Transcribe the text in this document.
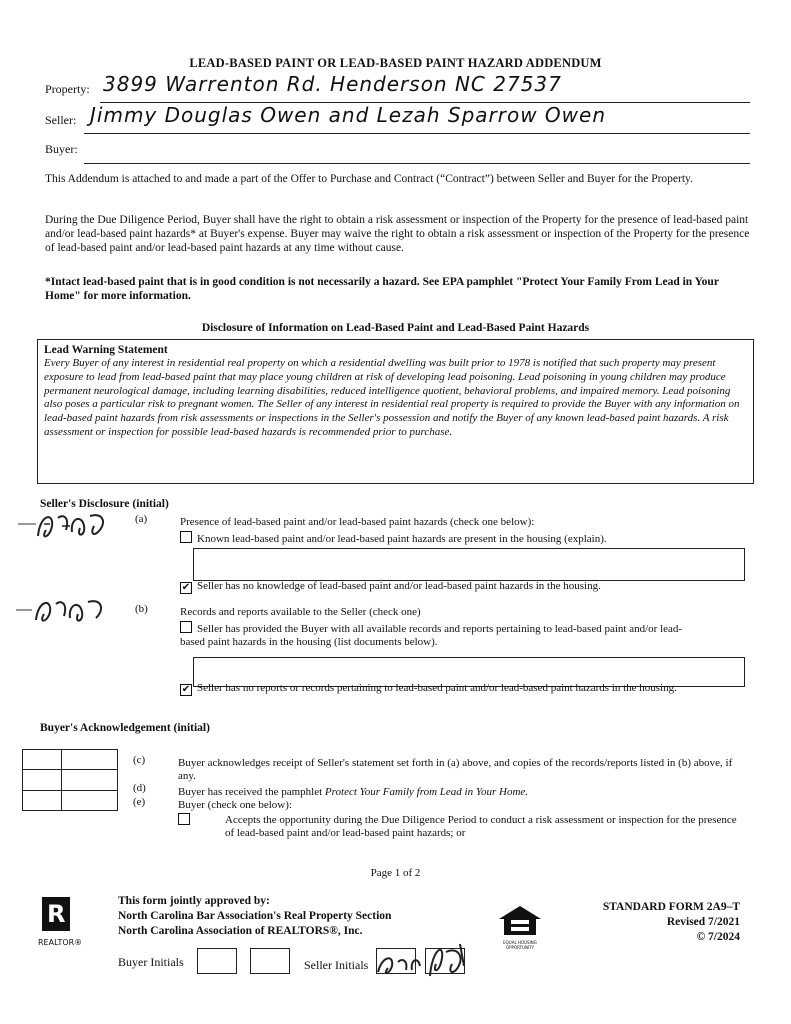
LEAD-BASED PAINT OR LEAD-BASED PAINT HAZARD ADDENDUM
Property: 3899 Warrenton Rd. Henderson NC 27537
Seller: Jimmy Douglas Owen and Lezah Sparrow Owen
Buyer:
This Addendum is attached to and made a part of the Offer to Purchase and Contract (“Contract”) between Seller and Buyer for the Property.
During the Due Diligence Period, Buyer shall have the right to obtain a risk assessment or inspection of the Property for the presence of lead-based paint and/or lead-based paint hazards* at Buyer's expense. Buyer may waive the right to obtain a risk assessment or inspection of the Property for the presence of lead-based paint and/or lead-based paint hazards at any time without cause.
*Intact lead-based paint that is in good condition is not necessarily a hazard. See EPA pamphlet "Protect Your Family From Lead in Your Home" for more information.
Disclosure of Information on Lead-Based Paint and Lead-Based Paint Hazards
Lead Warning Statement
Every Buyer of any interest in residential real property on which a residential dwelling was built prior to 1978 is notified that such property may present exposure to lead from lead-based paint that may place young children at risk of developing lead poisoning. Lead poisoning in young children may produce permanent neurological damage, including learning disabilities, reduced intelligence quotient, behavioral problems, and impaired memory. Lead poisoning also poses a particular risk to pregnant women. The Seller of any interest in residential real property is required to provide the Buyer with any information on lead-based paint hazards from risk assessments or inspections in the Seller's possession and notify the Buyer of any known lead-based paint hazards. A risk assessment or inspection for possible lead-based hazards is recommended prior to purchase.
Seller's Disclosure (initial)
(a)	Presence of lead-based paint and/or lead-based paint hazards (check one below):
Known lead-based paint and/or lead-based paint hazards are present in the housing (explain).
✔ Seller has no knowledge of lead-based paint and/or lead-based paint hazards in the housing.
(b)	Records and reports available to the Seller (check one)
Seller has provided the Buyer with all available records and reports pertaining to lead-based paint and/or lead-based paint hazards in the housing (list documents below).
✔ Seller has no reports or records pertaining to lead-based paint and/or lead-based paint hazards in the housing.
Buyer's Acknowledgement (initial)
(c)	Buyer acknowledges receipt of Seller's statement set forth in (a) above, and copies of the records/reports listed in (b) above, if any.
(d)	Buyer has received the pamphlet Protect Your Family from Lead in Your Home.
(e)	Buyer (check one below):
Accepts the opportunity during the Due Diligence Period to conduct a risk assessment or inspection for the presence of lead-based paint and/or lead-based paint hazards; or
Page 1 of 2
R
REALTOR®
This form jointly approved by:
North Carolina Bar Association's Real Property Section
North Carolina Association of REALTORS®, Inc.
EQUAL HOUSING OPPORTUNITY
STANDARD FORM 2A9–T
Revised 7/2021
© 7/2024
Buyer Initials	Seller Initials
